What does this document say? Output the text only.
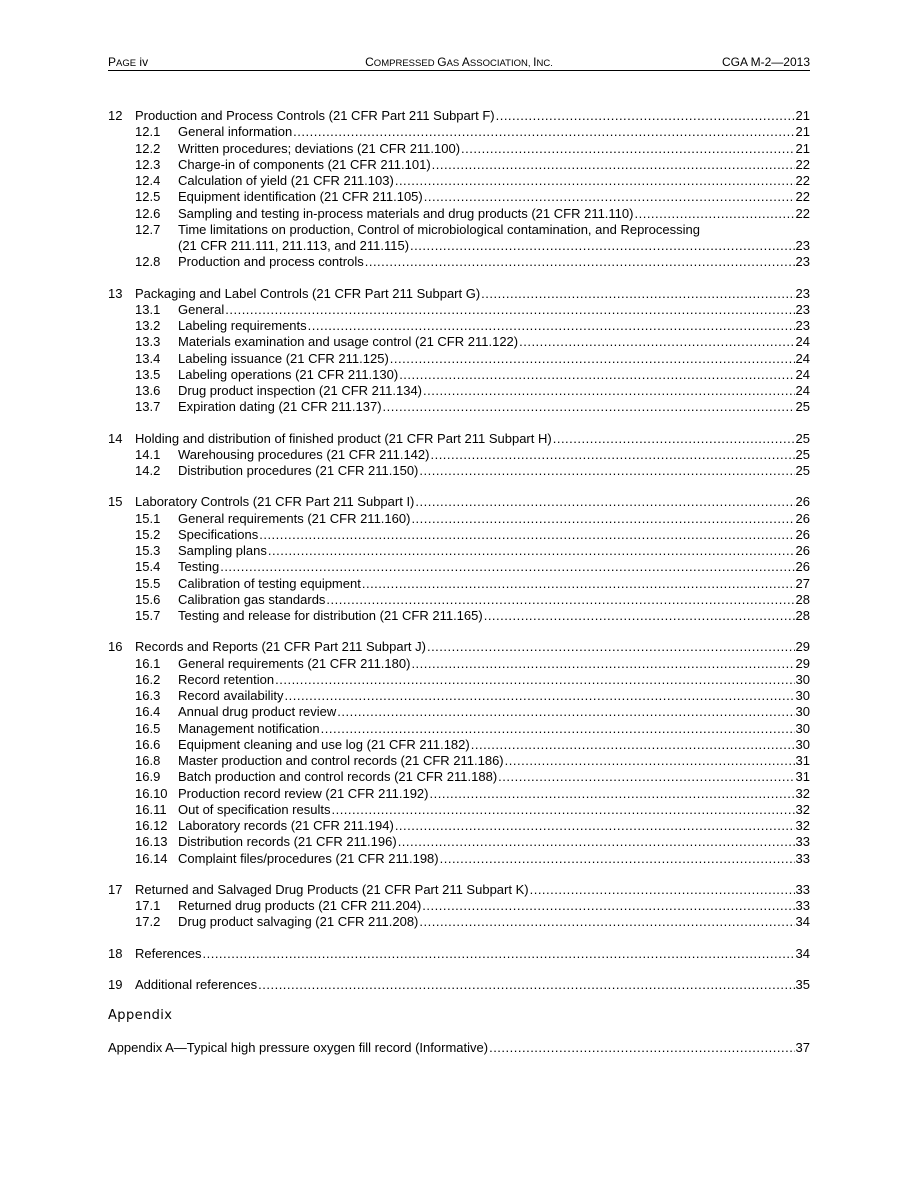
PAGE iv	COMPRESSED GAS ASSOCIATION, INC.	CGA M-2—2013
12 Production and Process Controls (21 CFR Part 211 Subpart F) .....	21
12.1	General information .....	21
12.2	Written procedures; deviations (21 CFR 211.100) .....	21
12.3	Charge-in of components (21 CFR 211.101) .....	22
12.4	Calculation of yield (21 CFR 211.103) .....	22
12.5	Equipment identification (21 CFR 211.105) .....	22
12.6	Sampling and testing in-process materials and drug products (21 CFR 211.110) .....	22
12.7	Time limitations on production, Control of microbiological contamination, and Reprocessing
(21 CFR 211.111, 211.113, and 211.115) .....	23
12.8	Production and process controls .....	23
13 Packaging and Label Controls (21 CFR Part 211 Subpart G) .....	23
13.1	General .....	23
13.2	Labeling requirements .....	23
13.3	Materials examination and usage control (21 CFR 211.122) .....	24
13.4	Labeling issuance (21 CFR 211.125) .....	24
13.5	Labeling operations (21 CFR 211.130) .....	24
13.6	Drug product inspection (21 CFR 211.134) .....	24
13.7	Expiration dating (21 CFR 211.137) .....	25
14 Holding and distribution of finished product (21 CFR Part 211 Subpart H) .....	25
14.1	Warehousing procedures (21 CFR 211.142) .....	25
14.2	Distribution procedures (21 CFR 211.150) .....	25
15 Laboratory Controls (21 CFR Part 211 Subpart I) .....	26
15.1	General requirements (21 CFR 211.160) .....	26
15.2	Specifications .....	26
15.3	Sampling plans .....	26
15.4	Testing .....	26
15.5	Calibration of testing equipment .....	27
15.6	Calibration gas standards .....	28
15.7	Testing and release for distribution (21 CFR 211.165) .....	28
16 Records and Reports (21 CFR Part 211 Subpart J) .....	29
16.1	General requirements (21 CFR 211.180) .....	29
16.2	Record retention .....	30
16.3	Record availability .....	30
16.4	Annual drug product review .....	30
16.5	Management notification .....	30
16.6	Equipment cleaning and use log (21 CFR 211.182) .....	30
16.8	Master production and control records (21 CFR 211.186) .....	31
16.9	Batch production and control records (21 CFR 211.188) .....	31
16.10 Production record review (21 CFR 211.192) .....	32
16.11 Out of specification results .....	32
16.12 Laboratory records (21 CFR 211.194) .....	32
16.13 Distribution records (21 CFR 211.196) .....	33
16.14 Complaint files/procedures (21 CFR 211.198) .....	33
17 Returned and Salvaged Drug Products (21 CFR Part 211 Subpart K) .....	33
17.1	Returned drug products (21 CFR 211.204) .....	33
17.2	Drug product salvaging (21 CFR 211.208) .....	34
18 References .....	34
19 Additional references .....	35
Appendix
Appendix A—Typical high pressure oxygen fill record (Informative) .....	37
